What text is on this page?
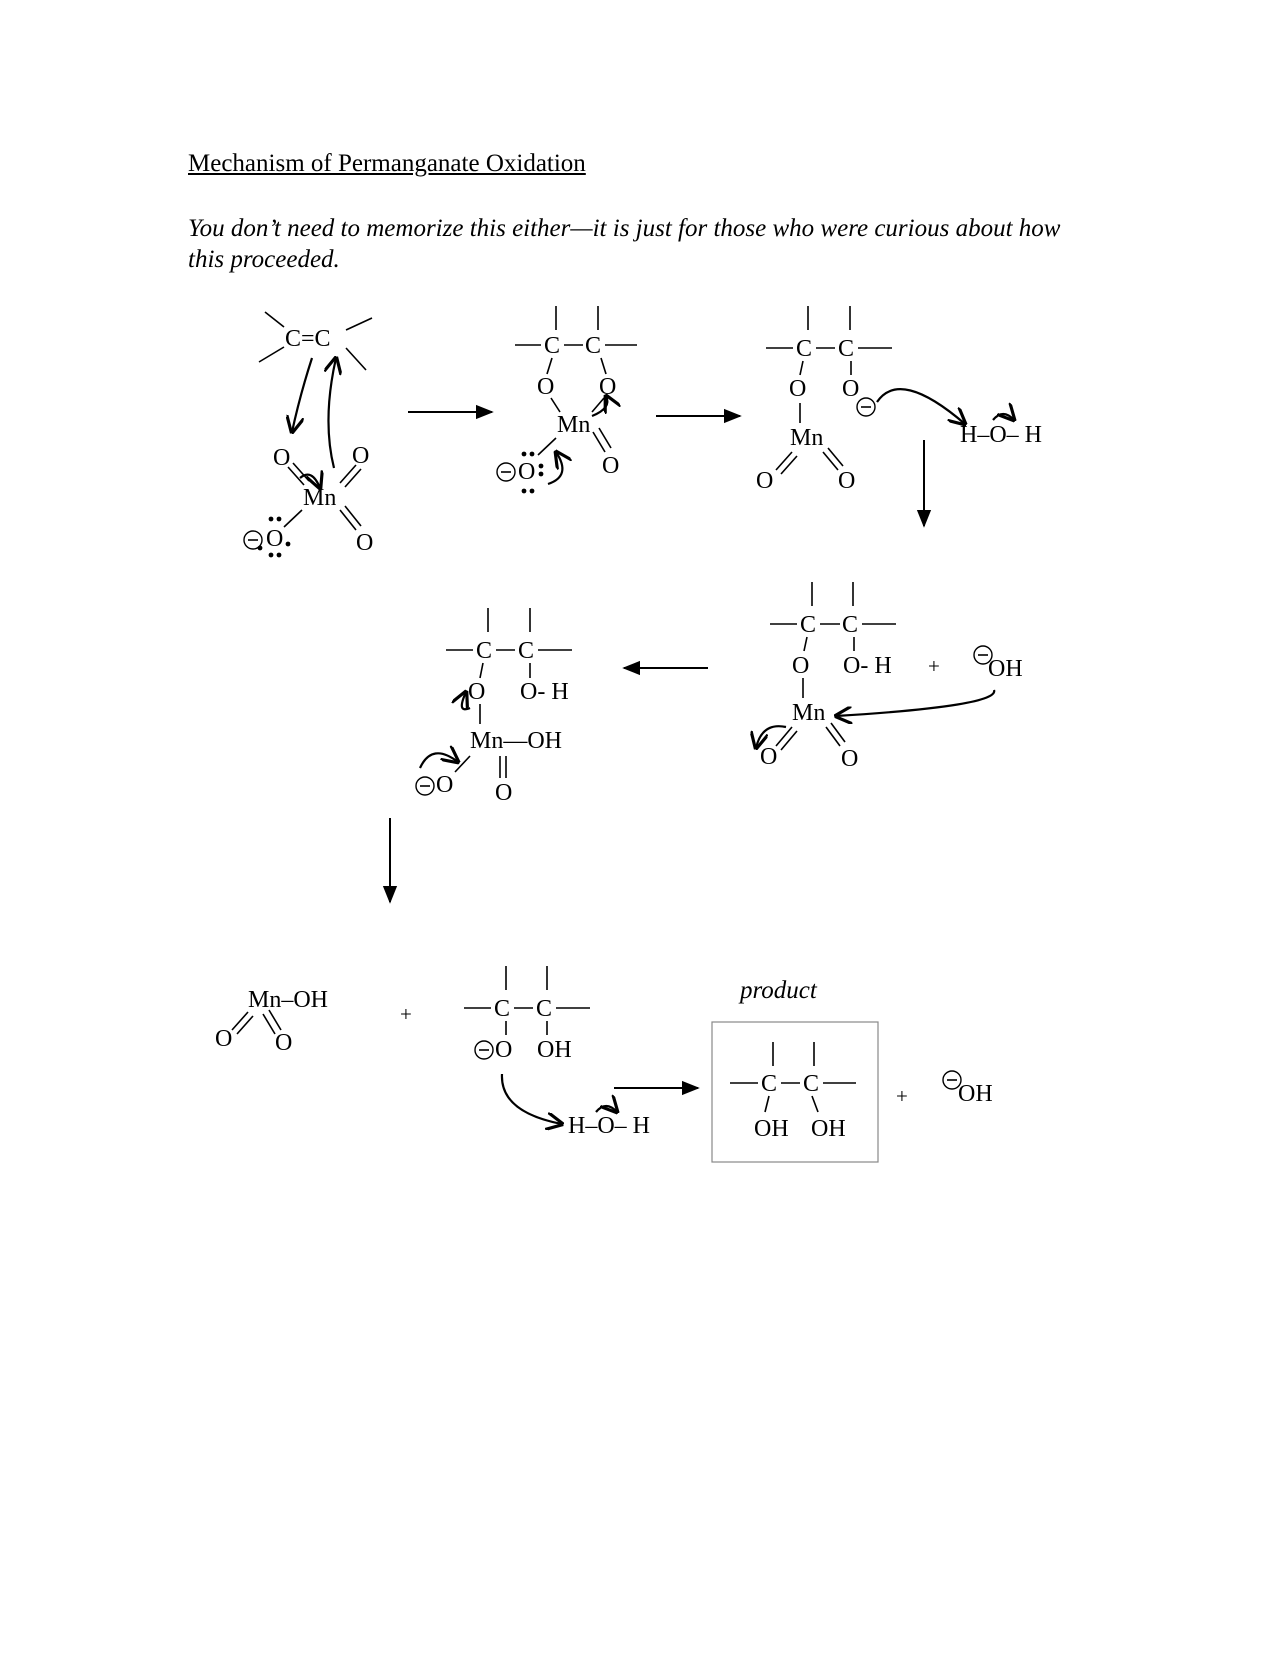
Mechanism of Permanganate Oxidation
You don’t need to memorize this either—it is just for those who were curious about how this proceeded.
C=C
O	O
Mn
O
O
C C
O O
Mn
O
O
C C
O O
Mn
O	O
H–O– H
C C
O O- H + OH
Mn
O	O
C C
O O- H
Mn—OH
O
O
Mn–OH
O O
+	C C
O OH
H–O– H
product
C C
OH OH
+ OH
